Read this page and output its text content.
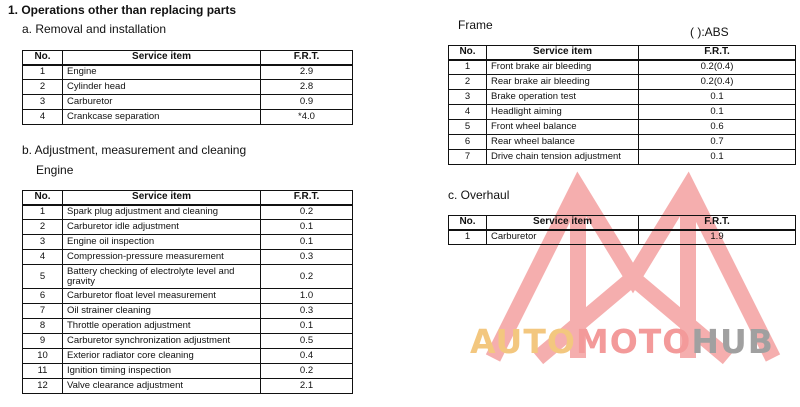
1. Operations other than replacing parts
a. Removal and installation
No.	Service item	F.R.T.
1	Engine	2.9
2	Cylinder head	2.8
3	Carburetor	0.9
4	Crankcase separation	*4.0
b. Adjustment, measurement and cleaning
Engine
No.	Service item	F.R.T.
1	Spark plug adjustment and cleaning	0.2
2	Carburetor idle adjustment	0.1
3	Engine oil inspection	0.1
4	Compression-pressure measurement	0.3
5	Battery checking of electrolyte level and gravity	0.2
6	Carburetor float level measurement	1.0
7	Oil strainer cleaning	0.3
8	Throttle operation adjustment	0.1
9	Carburetor synchronization adjustment	0.5
10	Exterior radiator core cleaning	0.4
11	Ignition timing inspection	0.2
12	Valve clearance adjustment	2.1
Frame	( ):ABS
No.	Service item	F.R.T.
1	Front brake air bleeding	0.2(0.4)
2	Rear brake air bleeding	0.2(0.4)
3	Brake operation test	0.1
4	Headlight aiming	0.1
5	Front wheel balance	0.6
6	Rear wheel balance	0.7
7	Drive chain tension adjustment	0.1
c. Overhaul
No.	Service item	F.R.T.
1	Carburetor	1.9
AUTOMOTOHUB
